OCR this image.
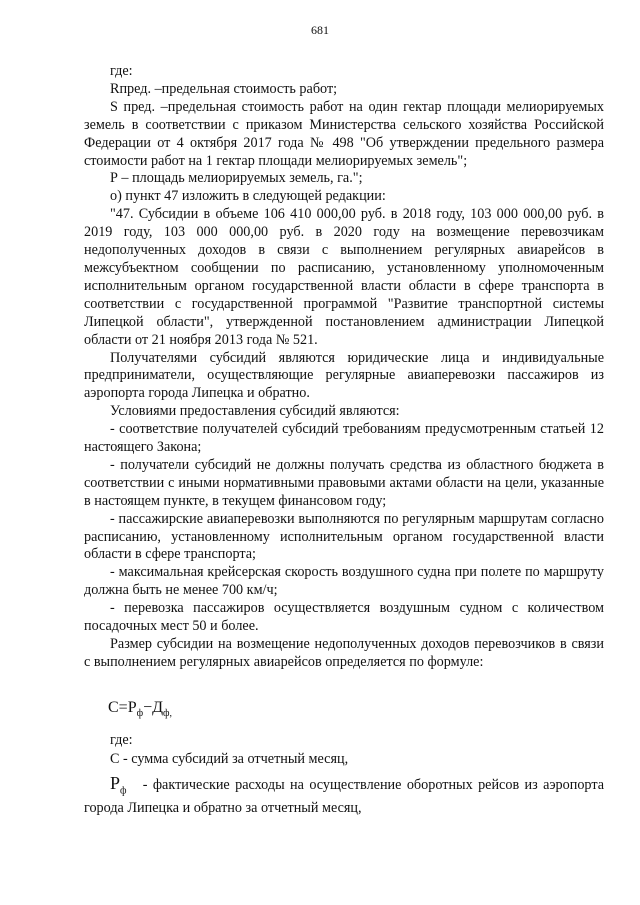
681

где:

Rпред. –предельная стоимость работ;

S пред. –предельная стоимость работ на один гектар площади мелиорируемых земель в соответствии с приказом Министерства сельского хозяйства Российской Федерации от 4 октября 2017 года № 498 "Об утверждении предельного размера стоимости работ на 1 гектар площади мелиорируемых земель";

Р – площадь мелиорируемых земель, га.";

о) пункт 47 изложить в следующей редакции:

"47. Субсидии в объеме 106 410 000,00 руб. в 2018 году, 103 000 000,00 руб. в 2019 году, 103 000 000,00 руб. в 2020 году на возмещение перевозчикам недополученных доходов в связи с выполнением регулярных авиарейсов в межсубъектном сообщении по расписанию, установленному уполномоченным исполнительным органом государственной власти области в сфере транспорта в соответствии с государственной программой "Развитие транспортной системы Липецкой области", утвержденной постановлением администрации Липецкой области от 21 ноября 2013 года № 521.

Получателями субсидий являются юридические лица и индивидуальные предприниматели, осуществляющие регулярные авиаперевозки пассажиров из аэропорта города Липецка и обратно.

Условиями предоставления субсидий являются:

- соответствие получателей субсидий требованиям предусмотренным статьей 12 настоящего Закона;

- получатели субсидий не должны получать средства из областного бюджета в соответствии с иными нормативными правовыми актами области на цели, указанные в настоящем пункте, в текущем финансовом году;

- пассажирские авиаперевозки выполняются по регулярным маршрутам согласно расписанию, установленному исполнительным органом государственной власти области в сфере транспорта;

- максимальная крейсерская скорость воздушного судна при полете по маршруту должна быть не менее 700 км/ч;

- перевозка пассажиров осуществляется воздушным судном с количеством посадочных мест 50 и более.

Размер субсидии на возмещение недополученных доходов перевозчиков в связи с выполнением регулярных авиарейсов определяется по формуле:

$С=Р_ф-Д_{ф,}$

где:

С - сумма субсидий за отчетный месяц,

$Р_ф$ - фактические расходы на осуществление оборотных рейсов из аэропорта города Липецка и обратно за отчетный месяц,
